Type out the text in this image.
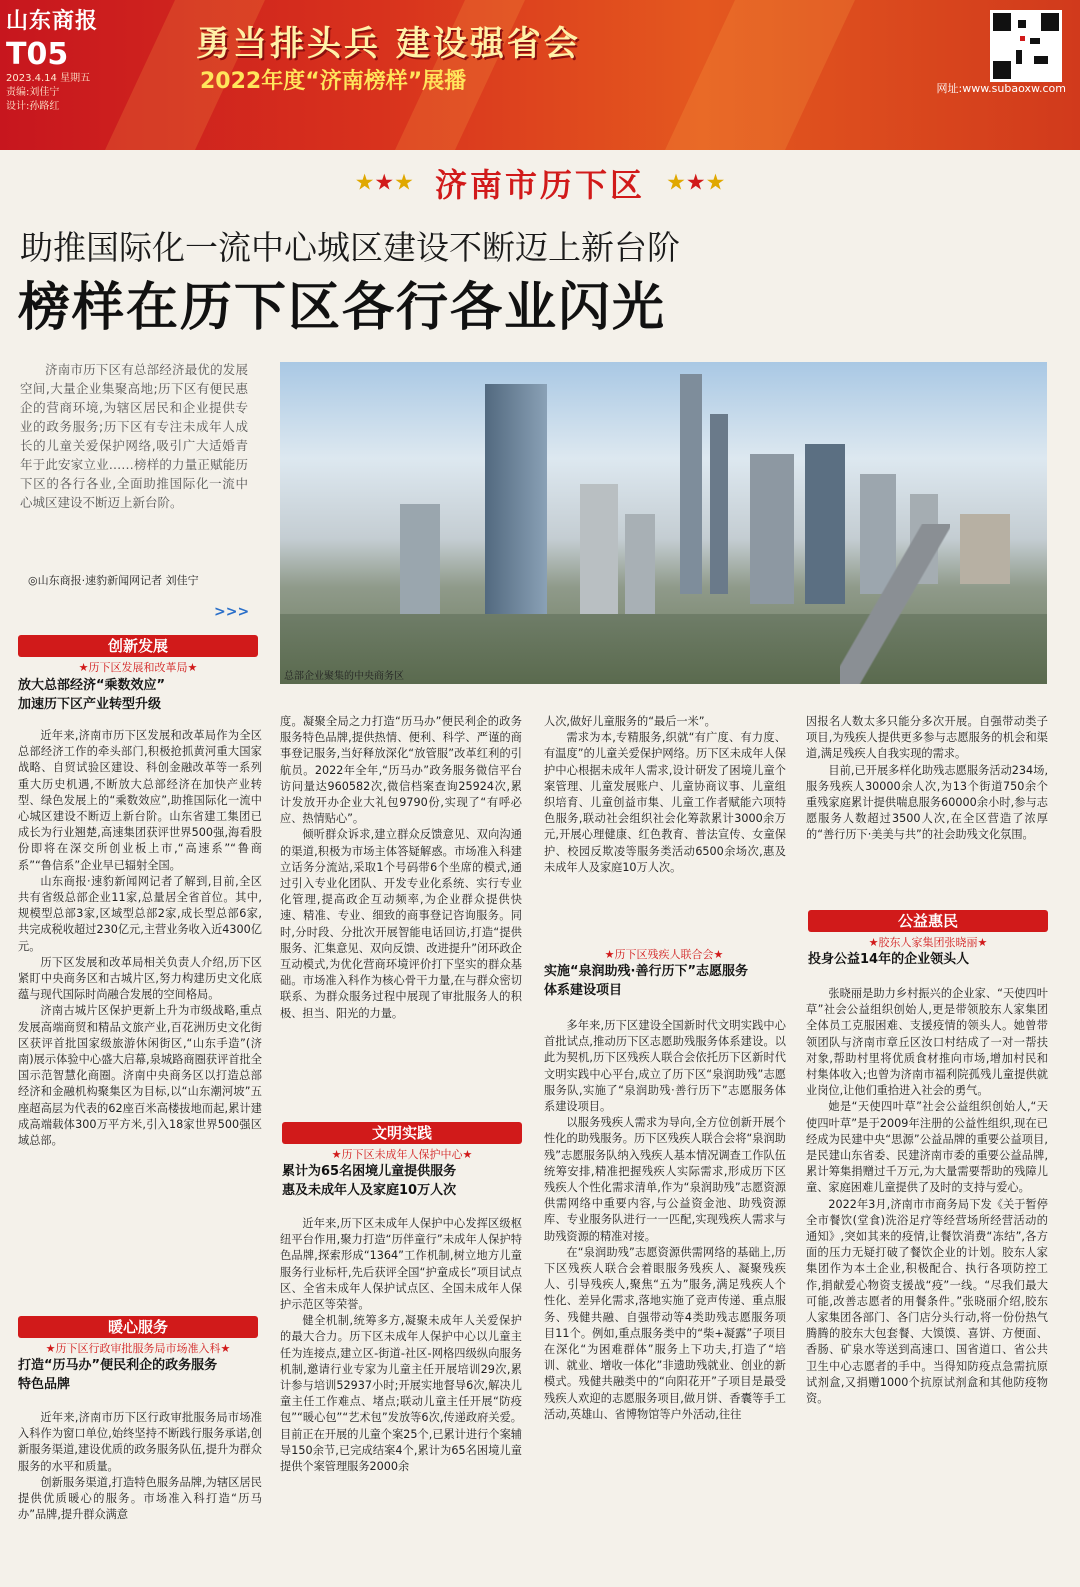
山东商报
T05
2023.4.14 星期五
责编:刘佳宁
设计:孙路红
勇当排头兵 建设强省会
2022年度“济南榜样”展播	网址:www.subaoxw.com
★★★ 济南市历下区 ★★★
助推国际化一流中心城区建设不断迈上新台阶
榜样在历下区各行各业闪光
济南市历下区有总部经济最优的发展空间,大量企业集聚高地;历下区有便民惠企的营商环境,为辖区居民和企业提供专业的政务服务;历下区有专注未成年人成长的儿童关爱保护网络,吸引广大适婚青年于此安家立业……榜样的力量正赋能历下区的各行各业,全面助推国际化一流中心城区建设不断迈上新台阶。
◎山东商报·速豹新闻网记者 刘佳宁
>>>
总部企业聚集的中央商务区
创新发展
★历下区发展和改革局★
放大总部经济“乘数效应”
加速历下区产业转型升级

近年来,济南市历下区发展和改革局作为全区总部经济工作的牵头部门,积极抢抓黄河重大国家战略、自贸试验区建设、科创金融改革等一系列重大历史机遇,不断放大总部经济在加快产业转型、绿色发展上的“乘数效应”,助推国际化一流中心城区建设不断迈上新台阶。山东省建工集团已成长为行业翘楚,高速集团获评世界500强,海看股份即将在深交所创业板上市,“高速系”“鲁商系”“鲁信系”企业早已辐射全国。

山东商报·速豹新闻网记者了解到,目前,全区共有省级总部企业11家,总量居全省首位。其中,规模型总部3家,区域型总部2家,成长型总部6家,共完成税收超过230亿元,主营业务收入近4300亿元。

历下区发展和改革局相关负责人介绍,历下区紧盯中央商务区和古城片区,努力构建历史文化底蕴与现代国际时尚融合发展的空间格局。

济南古城片区保护更新上升为市级战略,重点发展高端商贸和精品文旅产业,百花洲历史文化街区获评首批国家级旅游休闲街区,“山东手造”(济南)展示体验中心盛大启幕,泉城路商圈获评首批全国示范智慧化商圈。济南中央商务区以打造总部经济和金融机构聚集区为目标,以“山东潮河坡”五座超高层为代表的62座百米高楼拔地而起,累计建成高端载体300万平方米,引入18家世界500强区域总部。

暖心服务
★历下区行政审批服务局市场准入科★
打造“历马办”便民利企的政务服务
特色品牌

近年来,济南市历下区行政审批服务局市场准入科作为窗口单位,始终坚持不断践行服务承诺,创新服务渠道,建设优质的政务服务队伍,提升为群众服务的水平和质量。

创新服务渠道,打造特色服务品牌,为辖区居民提供优质暖心的服务。市场准入科打造“历马办”品牌,提升群众满意

度。凝聚全局之力打造“历马办”便民利企的政务服务特色品牌,提供热情、便利、科学、严谨的商事登记服务,当好释放深化“放管服”改革红利的引航员。2022年全年,“历马办”政务服务微信平台访问量达960582次,微信档案查询25924次,累计发放开办企业大礼包9790份,实现了“有呼必应、热情贴心”。

倾听群众诉求,建立群众反馈意见、双向沟通的渠道,积极为市场主体答疑解惑。市场准入科建立话务分流站,采取1个号码带6个坐席的模式,通过引入专业化团队、开发专业化系统、实行专业化管理,提高政企互动频率,为企业群众提供快速、精准、专业、细致的商事登记咨询服务。同时,分时段、分批次开展智能电话回访,打造“提供服务、汇集意见、双向反馈、改进提升”闭环政企互动模式,为优化营商环境评价打下坚实的群众基础。市场准入科作为核心骨干力量,在与群众密切联系、为群众服务过程中展现了审批服务人的积极、担当、阳光的力量。

文明实践
★历下区未成年人保护中心★
累计为65名困境儿童提供服务
惠及未成年人及家庭10万人次

近年来,历下区未成年人保护中心发挥区级枢纽平台作用,聚力打造“历伴童行”未成年人保护特色品牌,探索形成“1364”工作机制,树立地方儿童服务行业标杆,先后获评全国“护童成长”项目试点区、全省未成年人保护试点区、全国未成年人保护示范区等荣誉。

健全机制,统筹多方,凝聚未成年人关爱保护的最大合力。历下区未成年人保护中心以儿童主任为连接点,建立区-街道-社区-网格四级纵向服务机制,邀请行业专家为儿童主任开展培训29次,累计参与培训52937小时;开展实地督导6次,解决儿童主任工作难点、堵点;联动儿童主任开展“防疫包”“暖心包”“艺术包”发放等6次,传递政府关爱。目前正在开展的儿童个案25个,已累计进行个案辅导150余节,已完成结案4个,累计为65名困境儿童提供个案管理服务2000余

人次,做好儿童服务的“最后一米”。

需求为本,专精服务,织就“有广度、有力度、有温度”的儿童关爱保护网络。历下区未成年人保护中心根据未成年人需求,设计研发了困境儿童个案管理、儿童发展账户、儿童协商议事、儿童组织培育、儿童创益市集、儿童工作者赋能六项特色服务,联动社会组织社会化筹款累计3000余万元,开展心理健康、红色教育、普法宣传、女童保护、校园反欺凌等服务类活动6500余场次,惠及未成年人及家庭10万人次。

★历下区残疾人联合会★
实施“泉润助残·善行历下”志愿服务
体系建设项目

多年来,历下区建设全国新时代文明实践中心首批试点,推动历下区志愿助残服务体系建设。以此为契机,历下区残疾人联合会依托历下区新时代文明实践中心平台,成立了历下区“泉润助残”志愿服务队,实施了“泉润助残·善行历下”志愿服务体系建设项目。

以服务残疾人需求为导向,全方位创新开展个性化的助残服务。历下区残疾人联合会将“泉润助残”志愿服务队纳入残疾人基本情况调查工作队伍统筹安排,精准把握残疾人实际需求,形成历下区残疾人个性化需求清单,作为“泉润助残”志愿资源供需网络中重要内容,与公益资金池、助残资源库、专业服务队进行一一匹配,实现残疾人需求与助残资源的精准对接。

在“泉润助残”志愿资源供需网络的基础上,历下区残疾人联合会着眼服务残疾人、凝聚残疾人、引导残疾人,聚焦“五为”服务,满足残疾人个性化、差异化需求,落地实施了竞声传递、重点服务、残健共融、自强带动等4类助残志愿服务项目11个。例如,重点服务类中的“柴+凝露”子项目在深化“为困难群体”服务上下功夫,打造了“培训、就业、增收一体化”非遗助残就业、创业的新模式。残健共融类中的“向阳花开”子项目是最受残疾人欢迎的志愿服务项目,做月饼、香囊等手工活动,英雄山、省博物馆等户外活动,往往

因报名人数太多只能分多次开展。自强带动类子项目,为残疾人提供更多参与志愿服务的机会和渠道,满足残疾人自我实现的需求。

目前,已开展多样化助残志愿服务活动234场,服务残疾人30000余人次,为13个街道750余个重残家庭累计提供喘息服务60000余小时,参与志愿服务人数超过3500人次,在全区营造了浓厚的“善行历下·美美与共”的社会助残文化氛围。

公益惠民
★胶东人家集团张晓丽★
投身公益14年的企业领头人

张晓丽是助力乡村振兴的企业家、“天使四叶草”社会公益组织创始人,更是带领胶东人家集团全体员工克服困难、支援疫情的领头人。她曾带领团队与济南市章丘区汝口村结成了一对一帮扶对象,帮助村里将优质食材推向市场,增加村民和村集体收入;也曾为济南市福利院孤残儿童提供就业岗位,让他们重拾进入社会的勇气。

她是“天使四叶草”社会公益组织创始人,“天使四叶草”是于2009年注册的公益性组织,现在已经成为民建中央“思源”公益品牌的重要公益项目,是民建山东省委、民建济南市委的重要公益品牌,累计筹集捐赠过千万元,为大量需要帮助的残障儿童、家庭困难儿童提供了及时的支持与爱心。

2022年3月,济南市市商务局下发《关于暂停全市餐饮(堂食)洗浴足疗等经营场所经营活动的通知》,突如其来的疫情,让餐饮消费“冻结”,各方面的压力无疑打破了餐饮企业的计划。胶东人家集团作为本土企业,积极配合、执行各项防控工作,捐献爱心物资支援战“疫”一线。“尽我们最大可能,改善志愿者的用餐条件。”张晓丽介绍,胶东人家集团各部门、各门店分头行动,将一份份热气腾腾的胶东大包套餐、大馍馍、喜饼、方便面、香肠、矿泉水等送到高速口、国省道口、省公共卫生中心志愿者的手中。当得知防疫点急需抗原试剂盒,又捐赠1000个抗原试剂盒和其他防疫物资。
